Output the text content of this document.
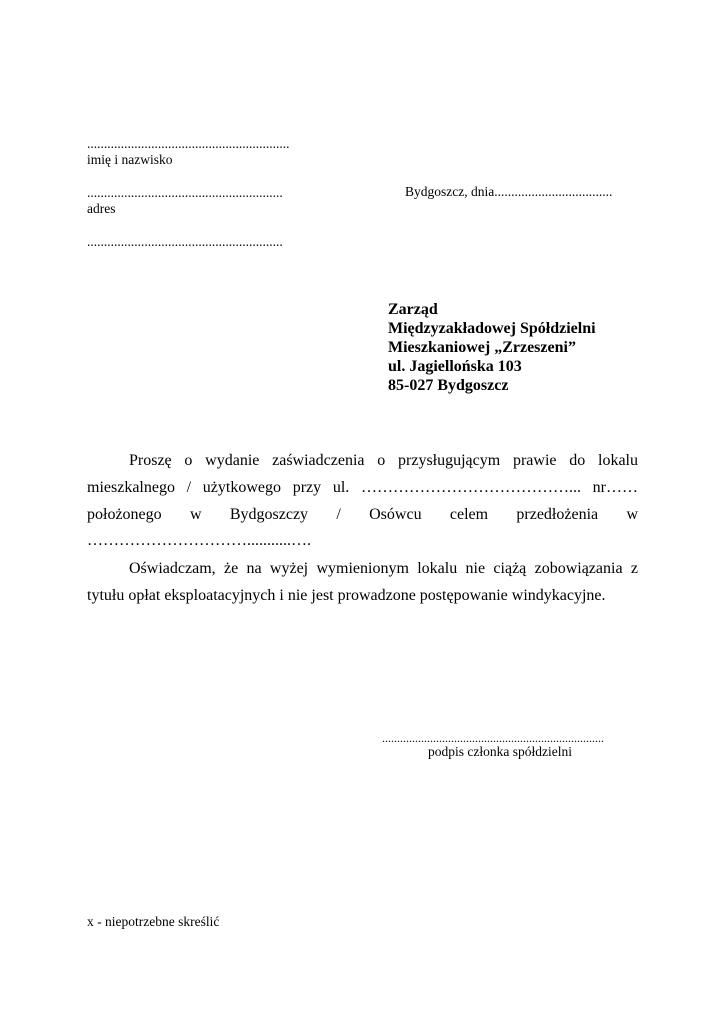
............................................................
imię i nazwisko
..........................................................
adres
..........................................................
Bydgoszcz, dnia...................................
Zarząd
Międzyzakładowej Spółdzielni
Mieszkaniowej „Zrzeszeni”
ul. Jagiellońska 103
85-027 Bydgoszcz
Proszę o wydanie zaświadczenia o przysługującym prawie do lokalu
mieszkalnego / użytkowego przy ul. …………………………………... nr……
położonego w Bydgoszczy / Osówcu celem przedłożenia w
…………………………...........….
Oświadczam, że na wyżej wymienionym lokalu nie ciążą zobowiązania z
tytułu opłat eksploatacyjnych i nie jest prowadzone postępowanie windykacyjne.
..........................................................................
podpis członka spółdzielni
x - niepotrzebne skreślić
